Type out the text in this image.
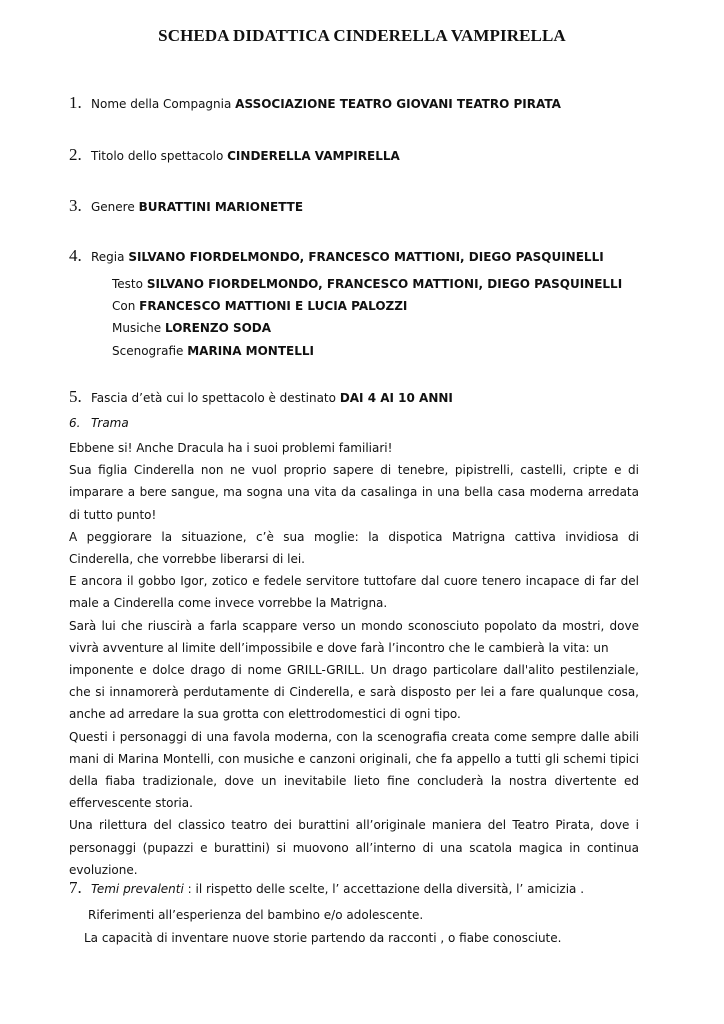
SCHEDA DIDATTICA CINDERELLA VAMPIRELLA
1. Nome della Compagnia ASSOCIAZIONE TEATRO GIOVANI TEATRO PIRATA
2. Titolo dello spettacolo CINDERELLA VAMPIRELLA
3. Genere BURATTINI MARIONETTE
4. Regia SILVANO FIORDELMONDO, FRANCESCO MATTIONI, DIEGO PASQUINELLI
Testo SILVANO FIORDELMONDO, FRANCESCO MATTIONI, DIEGO PASQUINELLI
Con FRANCESCO MATTIONI E LUCIA PALOZZI
Musiche LORENZO SODA
Scenografie MARINA MONTELLI
5. Fascia d’età cui lo spettacolo è destinato DAI 4 AI 10 ANNI
6. Trama

Ebbene si! Anche Dracula ha i suoi problemi familiari!

Sua figlia Cinderella non ne vuol proprio sapere di tenebre, pipistrelli, castelli, cripte e di imparare a bere sangue, ma sogna una vita da casalinga in una bella casa moderna arredata di tutto punto!

A peggiorare la situazione, c’è sua moglie: la dispotica Matrigna cattiva invidiosa di Cinderella, che vorrebbe liberarsi di lei.

E ancora il gobbo Igor, zotico e fedele servitore tuttofare dal cuore tenero incapace di far del male a Cinderella come invece vorrebbe la Matrigna.

Sarà lui che riuscirà a farla scappare verso un mondo sconosciuto popolato da mostri, dove vivrà avventure al limite dell’impossibile e dove farà l’incontro che le cambierà la vita: un

imponente e dolce drago di nome GRILL-GRILL. Un drago particolare dall'alito pestilenziale, che si innamorerà perdutamente di Cinderella, e sarà disposto per lei a fare qualunque cosa, anche ad arredare la sua grotta con elettrodomestici di ogni tipo.

Questi i personaggi di una favola moderna, con la scenografia creata come sempre dalle abili mani di Marina Montelli, con musiche e canzoni originali, che fa appello a tutti gli schemi tipici della fiaba tradizionale, dove un inevitabile lieto fine concluderà la nostra divertente ed effervescente storia.

Una rilettura del classico teatro dei burattini all’originale maniera del Teatro Pirata, dove i personaggi (pupazzi e burattini) si muovono all’interno di una scatola magica in continua evoluzione.

7. Temi prevalenti : il rispetto delle scelte, l’ accettazione della diversità, l’ amicizia .
Riferimenti all’esperienza del bambino e/o adolescente.
La capacità di inventare nuove storie partendo da racconti , o fiabe conosciute.
